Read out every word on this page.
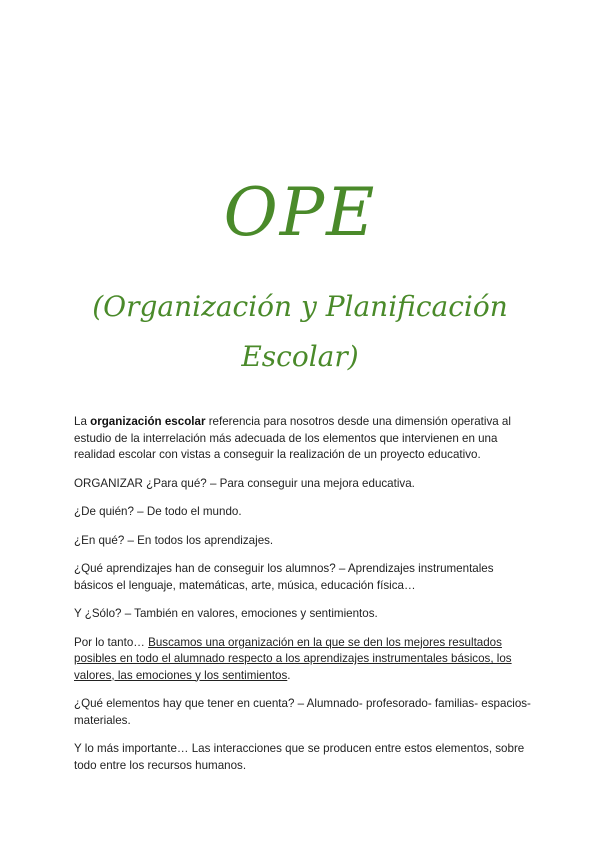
OPE
(Organización y Planificación Escolar)

La organización escolar referencia para nosotros desde una dimensión operativa al estudio de la interrelación más adecuada de los elementos que intervienen en una realidad escolar con vistas a conseguir la realización de un proyecto educativo.

ORGANIZAR ¿Para qué? – Para conseguir una mejora educativa.

¿De quién? – De todo el mundo.

¿En qué? – En todos los aprendizajes.

¿Qué aprendizajes han de conseguir los alumnos? – Aprendizajes instrumentales básicos el lenguaje, matemáticas, arte, música, educación física…

Y ¿Sólo? – También en valores, emociones y sentimientos.

Por lo tanto… Buscamos una organización en la que se den los mejores resultados posibles en todo el alumnado respecto a los aprendizajes instrumentales básicos, los valores, las emociones y los sentimientos.

¿Qué elementos hay que tener en cuenta? – Alumnado- profesorado- familias- espacios- materiales.

Y lo más importante… Las interacciones que se producen entre estos elementos, sobre todo entre los recursos humanos.
